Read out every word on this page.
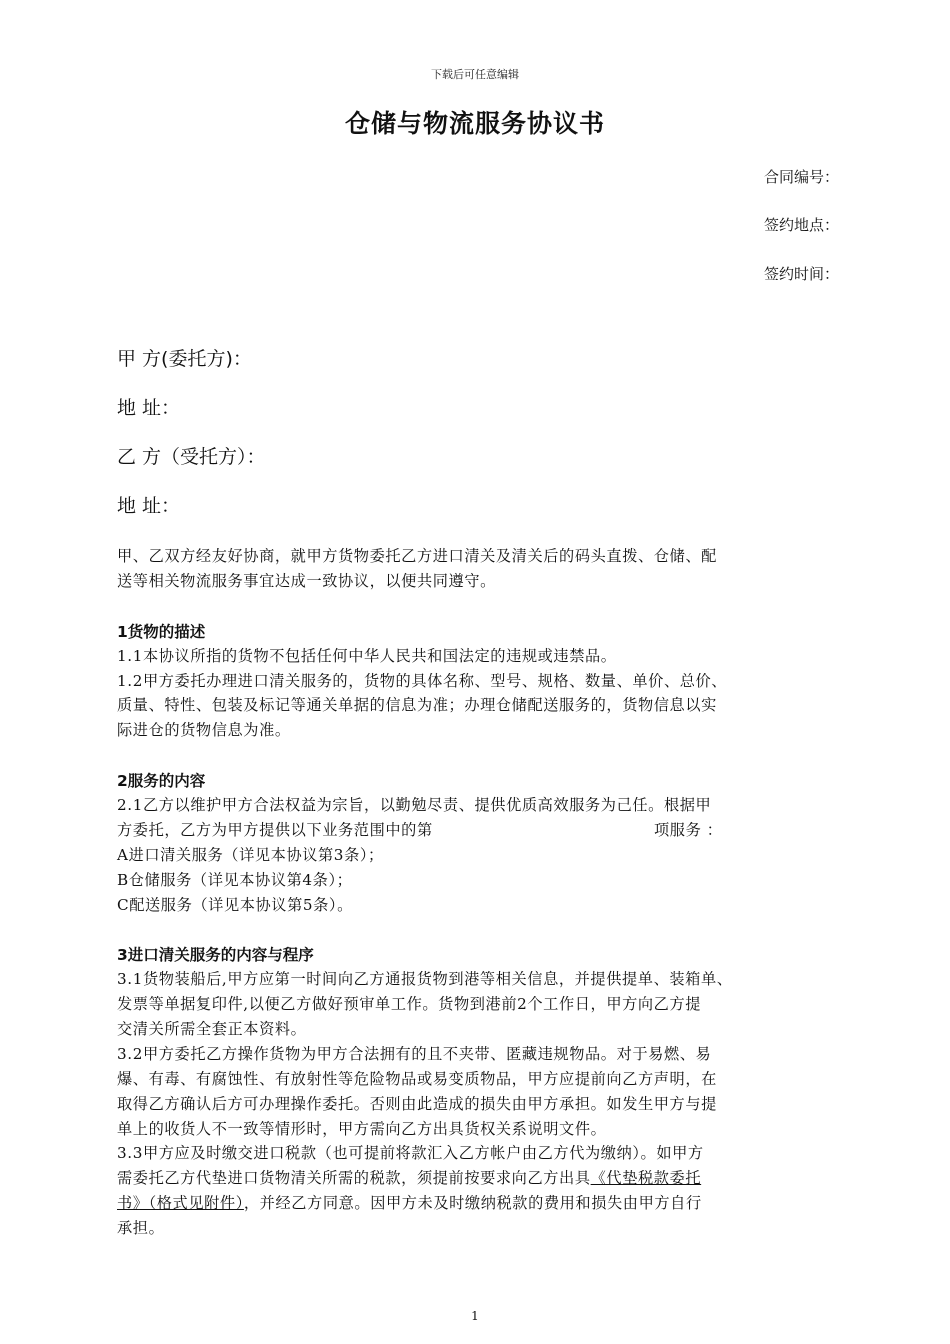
下载后可任意编辑
仓储与物流服务协议书
合同编号：
签约地点：
签约时间：
甲 方(委托方)：
地 址：
乙 方（受托方）：
地 址：
甲、乙双方经友好协商，就甲方货物委托乙方进口清关及清关后的码头直拨、仓储、配
送等相关物流服务事宜达成一致协议，以便共同遵守。
1货物的描述
1.1本协议所指的货物不包括任何中华人民共和国法定的违规或违禁品。
1.2甲方委托办理进口清关服务的，货物的具体名称、型号、规格、数量、单价、总价、
质量、特性、包装及标记等通关单据的信息为准；办理仓储配送服务的，货物信息以实
际进仓的货物信息为准。
2服务的内容
2.1乙方以维护甲方合法权益为宗旨，以勤勉尽责、提供优质高效服务为己任。根据甲
方委托，乙方为甲方提供以下业务范围中的第	项服务 ：
A进口清关服务（详见本协议第3条）；
B仓储服务（详见本协议第4条）；
C配送服务（详见本协议第5条）。
3进口清关服务的内容与程序
3.1货物装船后,甲方应第一时间向乙方通报货物到港等相关信息，并提供提单、装箱单、
发票等单据复印件,以便乙方做好预审单工作。货物到港前2个工作日，甲方向乙方提
交清关所需全套正本资料。
3.2甲方委托乙方操作货物为甲方合法拥有的且不夹带、匿藏违规物品。对于易燃、易
爆、有毒、有腐蚀性、有放射性等危险物品或易变质物品，甲方应提前向乙方声明，在
取得乙方确认后方可办理操作委托。否则由此造成的损失由甲方承担。如发生甲方与提
单上的收货人不一致等情形时，甲方需向乙方出具货权关系说明文件。
3.3甲方应及时缴交进口税款（也可提前将款汇入乙方帐户由乙方代为缴纳）。如甲方
需委托乙方代垫进口货物清关所需的税款，须提前按要求向乙方出具《代垫税款委托
书》（格式见附件），并经乙方同意。因甲方未及时缴纳税款的费用和损失由甲方自行
承担。
1
